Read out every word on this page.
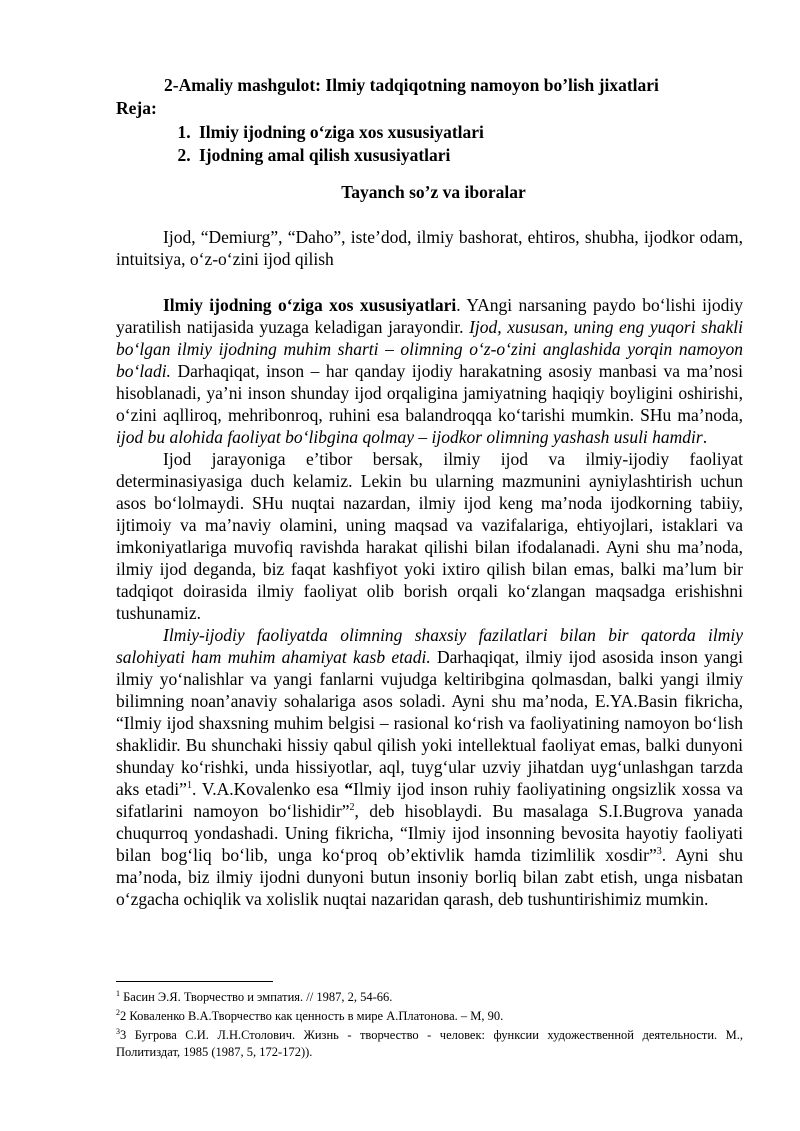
2-Amaliy mashgulot: Ilmiy tadqiqotning namoyon bo’lish jixatlari
Reja:
1. Ilmiy ijodning oʻziga xos xususiyatlari
2. Ijodning amal qilish xususiyatlari
Tayanch so’z va iboralar

Ijod, “Demiurg”, “Daho”, iste’dod, ilmiy bashorat, ehtiros, shubha, ijodkor odam, intuitsiya, oʻz-oʻzini ijod qilish

Ilmiy ijodning oʻziga xos xususiyatlari. YAngi narsaning paydo boʻlishi ijodiy yaratilish natijasida yuzaga keladigan jarayondir. Ijod, xususan, uning eng yuqori shakli boʻlgan ilmiy ijodning muhim sharti – olimning oʻz-oʻzini anglashida yorqin namoyon boʻladi. Darhaqiqat, inson – har qanday ijodiy harakatning asosiy manbasi va ma’nosi hisoblanadi, ya’ni inson shunday ijod orqaligina jamiyatning haqiqiy boyligini oshirishi, oʻzini aqlliroq, mehribonroq, ruhini esa balandroqqa koʻtarishi mumkin. SHu ma’noda, ijod bu alohida faoliyat boʻlibgina qolmay – ijodkor olimning yashash usuli hamdir.

Ijod jarayoniga e’tibor bersak, ilmiy ijod va ilmiy-ijodiy faoliyat determinasiyasiga duch kelamiz. Lekin bu ularning mazmunini ayniylashtirish uchun asos boʻlolmaydi. SHu nuqtai nazardan, ilmiy ijod keng ma’noda ijodkorning tabiiy, ijtimoiy va ma’naviy olamini, uning maqsad va vazifalariga, ehtiyojlari, istaklari va imkoniyatlariga muvofiq ravishda harakat qilishi bilan ifodalanadi. Ayni shu ma’noda, ilmiy ijod deganda, biz faqat kashfiyot yoki ixtiro qilish bilan emas, balki ma’lum bir tadqiqot doirasida ilmiy faoliyat olib borish orqali koʻzlangan maqsadga erishishni tushunamiz.

Ilmiy-ijodiy faoliyatda olimning shaxsiy fazilatlari bilan bir qatorda ilmiy salohiyati ham muhim ahamiyat kasb etadi. Darhaqiqat, ilmiy ijod asosida inson yangi ilmiy yoʻnalishlar va yangi fanlarni vujudga keltiribgina qolmasdan, balki yangi ilmiy bilimning noan’anaviy sohalariga asos soladi. Ayni shu ma’noda, E.YA.Basin fikricha, “Ilmiy ijod shaxsning muhim belgisi – rasional koʻrish va faoliyatining namoyon boʻlish shaklidir. Bu shunchaki hissiy qabul qilish yoki intellektual faoliyat emas, balki dunyoni shunday koʻrishki, unda hissiyotlar, aql, tuygʻular uzviy jihatdan uygʻunlashgan tarzda aks etadi”$^1$. V.A.Kovalenko esa “Ilmiy ijod inson ruhiy faoliyatining ongsizlik xossa va sifatlarini namoyon boʻlishidir”$^2$, deb hisoblaydi. Bu masalaga S.I.Bugrova yanada chuqurroq yondashadi. Uning fikricha, “Ilmiy ijod insonning bevosita hayotiy faoliyati bilan bogʻliq boʻlib, unga koʻproq ob’ektivlik hamda tizimlilik xosdir”$^3$. Ayni shu ma’noda, biz ilmiy ijodni dunyoni butun insoniy borliq bilan zabt etish, unga nisbatan oʻzgacha ochiqlik va xolislik nuqtai nazaridan qarash, deb tushuntirishimiz mumkin.

$^1$ Басин Э.Я. Творчество и эмпатия. // 1987, 2, 54-66.
$^2$2 Коваленко В.А.Творчество как ценность в мире А.Платонова. – М, 90.
$^3$3 Бугрова С.И. Л.Н.Столович. Жизнь - творчество - человек: функсии художественной деятельности. М., Политиздат, 1985 (1987, 5, 172-172)).
